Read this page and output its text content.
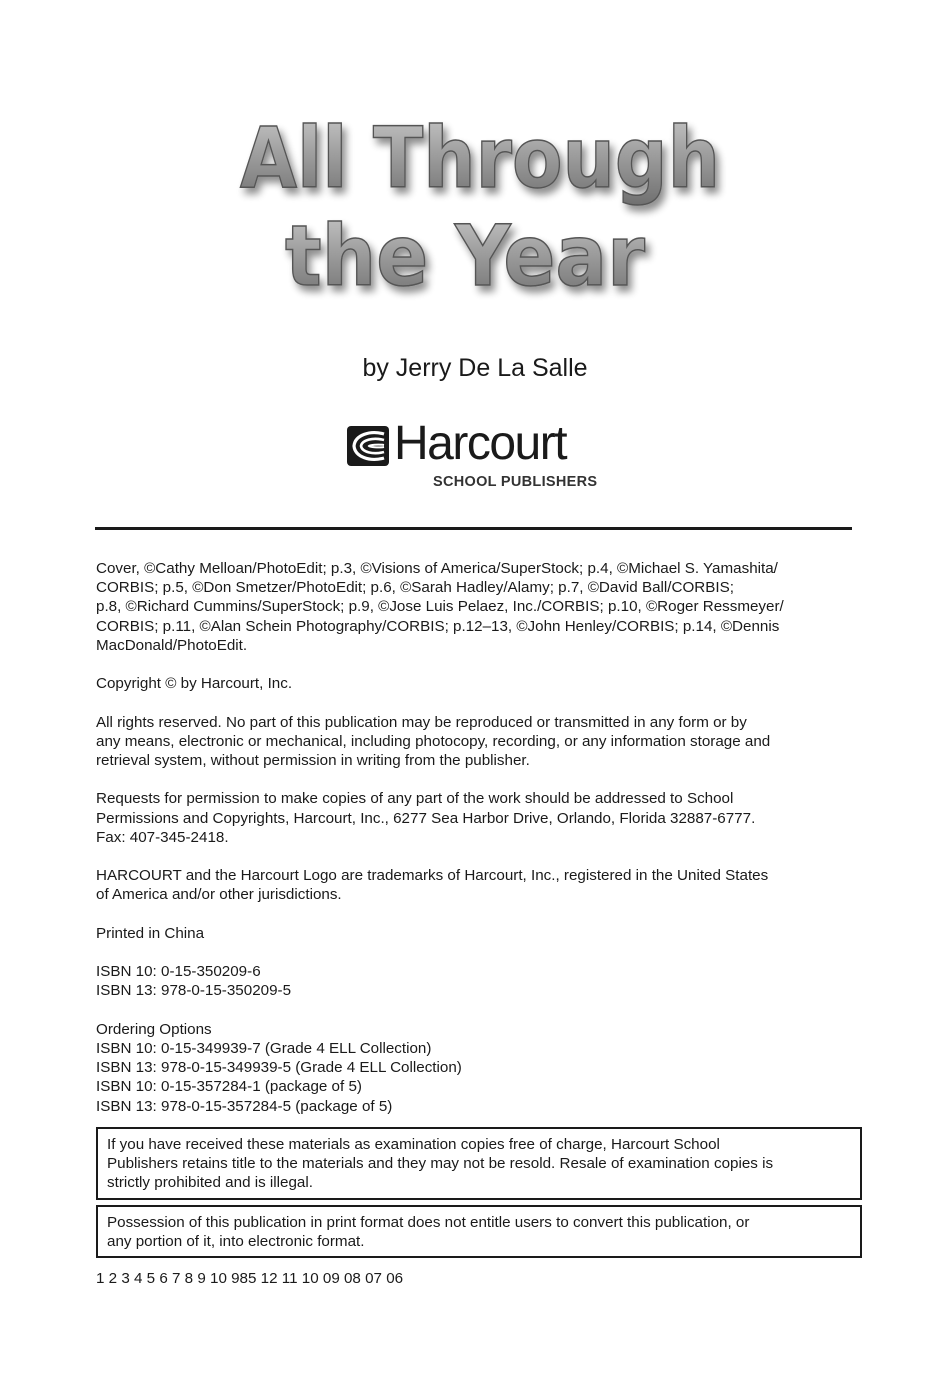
All Through
the Year
by Jerry De La Salle
Harcourt
SCHOOL PUBLISHERS

Cover, ©Cathy Melloan/PhotoEdit; p.3, ©Visions of America/SuperStock; p.4, ©Michael S. Yamashita/
CORBIS; p.5, ©Don Smetzer/PhotoEdit; p.6, ©Sarah Hadley/Alamy; p.7, ©David Ball/CORBIS;
p.8, ©Richard Cummins/SuperStock; p.9, ©Jose Luis Pelaez, Inc./CORBIS; p.10, ©Roger Ressmeyer/
CORBIS; p.11, ©Alan Schein Photography/CORBIS; p.12–13, ©John Henley/CORBIS; p.14, ©Dennis
MacDonald/PhotoEdit.

Copyright © by Harcourt, Inc.

All rights reserved. No part of this publication may be reproduced or transmitted in any form or by
any means, electronic or mechanical, including photocopy, recording, or any information storage and
retrieval system, without permission in writing from the publisher.

Requests for permission to make copies of any part of the work should be addressed to School
Permissions and Copyrights, Harcourt, Inc., 6277 Sea Harbor Drive, Orlando, Florida 32887-6777.
Fax: 407-345-2418.

HARCOURT and the Harcourt Logo are trademarks of Harcourt, Inc., registered in the United States
of America and/or other jurisdictions.

Printed in China

ISBN 10: 0-15-350209-6
ISBN 13: 978-0-15-350209-5

Ordering Options
ISBN 10: 0-15-349939-7 (Grade 4 ELL Collection)
ISBN 13: 978-0-15-349939-5 (Grade 4 ELL Collection)
ISBN 10: 0-15-357284-1 (package of 5)
ISBN 13: 978-0-15-357284-5 (package of 5)

If you have received these materials as examination copies free of charge, Harcourt School
Publishers retains title to the materials and they may not be resold. Resale of examination copies is
strictly prohibited and is illegal.
Possession of this publication in print format does not entitle users to convert this publication, or
any portion of it, into electronic format.
1 2 3 4 5 6 7 8 9 10 985 12 11 10 09 08 07 06
